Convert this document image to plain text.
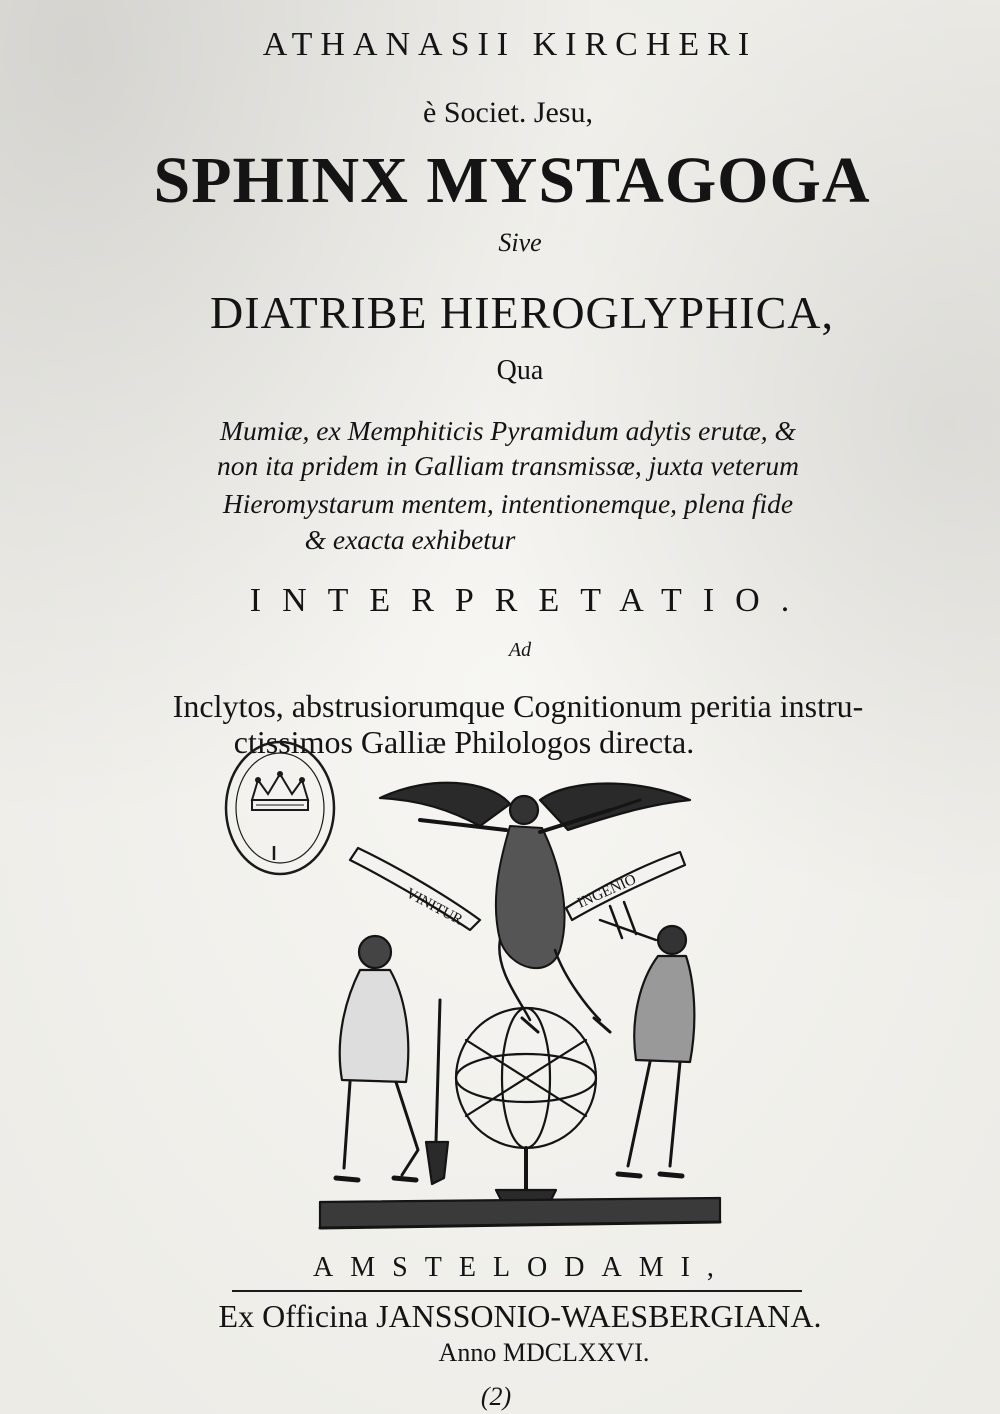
ATHANASII KIRCHERI
è Societ. Jesu,
SPHINX MYSTAGOGA
Sive
DIATRIBE HIEROGLYPHICA,
Qua
Mumiæ, ex Memphiticis Pyramidum adytis erutæ, &
non ita pridem in Galliam transmissæ, juxta veterum
Hieromystarum mentem, intentionemque, plena fide
& exacta exhibetur
INTERPRETATIO.
Ad
Inclytos, abstrusiorumque Cognitionum peritia instru-
ctissimos Galliæ Philologos directa.
VINITUR	INGENIO
AMSTELODAMI,
Ex Officina JANSSONIO-WAESBERGIANA.
Anno MDCLXXVI.
(2)
